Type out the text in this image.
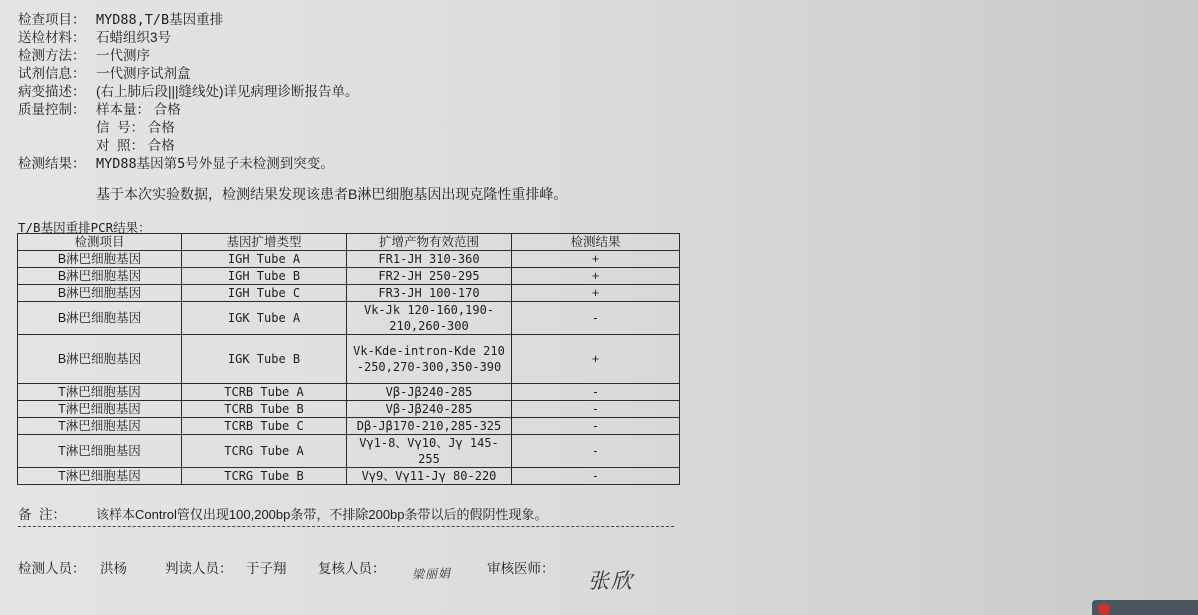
检查项目： MYD88,T/B基因重排
送检材料： 石蜡组织3号
检测方法： 一代测序
试剂信息： 一代测序试剂盒
病变描述： (右上肺后段|||缝线处)详见病理诊断报告单。
质量控制： 样本量： 合格
信  号： 合格
对  照： 合格
检测结果： MYD88基因第5号外显子未检测到突变。
基于本次实验数据，检测结果发现该患者B淋巴细胞基因出现克隆性重排峰。
T/B基因重排PCR结果：
检测项目	基因扩增类型	扩增产物有效范围	检测结果
B淋巴细胞基因	IGH Tube A	FR1-JH 310-360	+
B淋巴细胞基因	IGH Tube B	FR2-JH 250-295	+
B淋巴细胞基因	IGH Tube C	FR3-JH 100-170	+
B淋巴细胞基因	IGK Tube A	Vk-Jk 120-160,190-210,260-300	-
B淋巴细胞基因	IGK Tube B	Vk-Kde-intron-Kde 210-250,270-300,350-390	+
T淋巴细胞基因	TCRB Tube A	Vβ-Jβ240-285	-
T淋巴细胞基因	TCRB Tube B	Vβ-Jβ240-285	-
T淋巴细胞基因	TCRB Tube C	Dβ-Jβ170-210,285-325	-
T淋巴细胞基因	TCRG Tube A	Vγ1-8、Vγ10、Jγ 145-255	-
T淋巴细胞基因	TCRG Tube B	Vγ9、Vγ11-Jγ 80-220	-
备  注： 该样本Control管仅出现100,200bp条带，不排除200bp条带以后的假阴性现象。
检测人员： 洪杨	判读人员： 于子翔 复核人员： 梁丽娟	审核医师：
张欣
